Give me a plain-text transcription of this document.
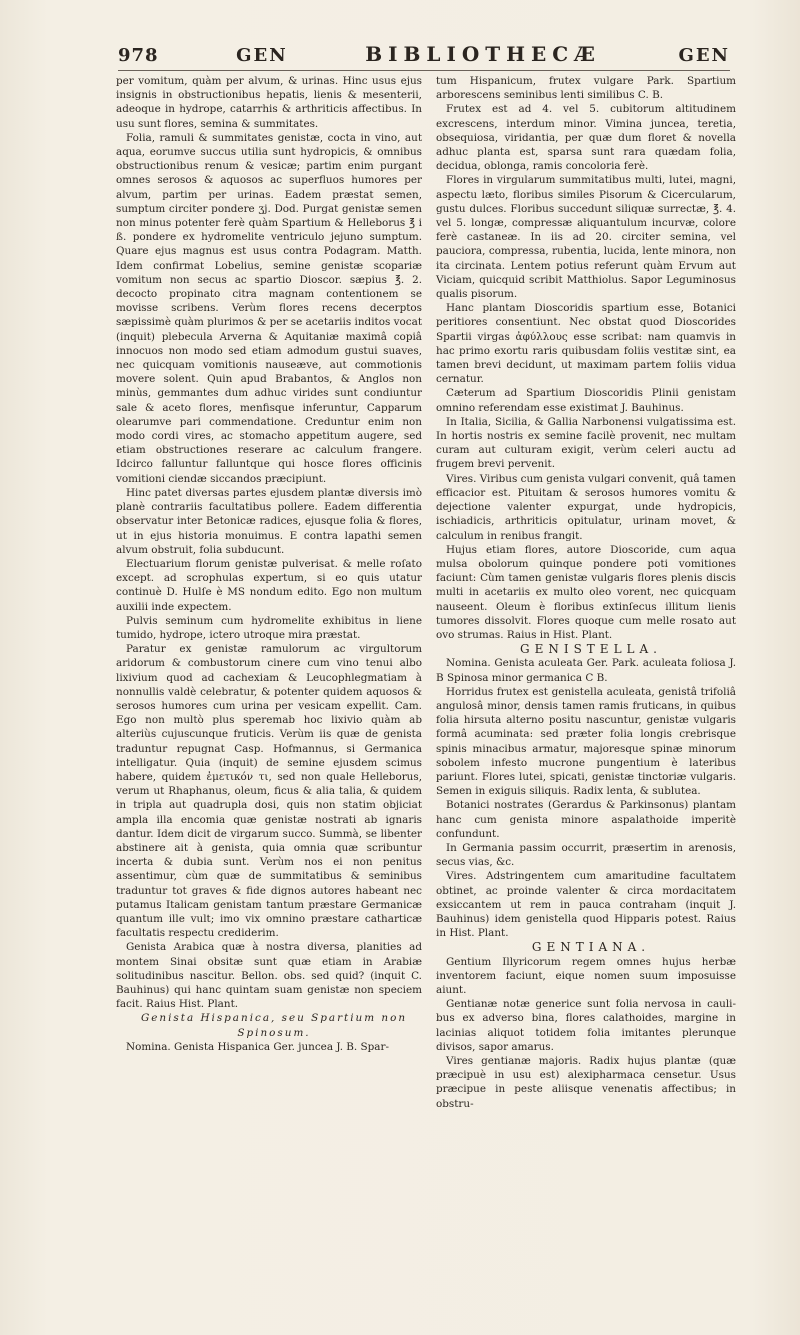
978	GEN	BIBLIOTHECÆ	GEN

per vomitum, quàm per alvum, & urinas. Hinc usus ejus insignis in obstructionibus hepatis, lienis & mesenterii, adeoque in hydrope, catarrhis & arthriticis affectibus. In usu sunt flores, semina & summitates.

Folia, ramuli & summitates genistæ, cocta in vino, aut aqua, eorumve succus utilia sunt hydropicis, & omnibus obstructionibus renum & vesicæ; partim enim purgant omnes serosos & aquosos ac superfluos humores per alvum, partim per urinas. Eadem præstat semen, sumptum circiter pondere ʒj. Dod. Purgat genistæ semen non minus potenter ferè quàm Spartium & Helleborus ℥ i ß. pondere ex hydromelite ventriculo jejuno sumptum. Quare ejus magnus est usus contra Podagram. Matth. Idem confirmat Lobelius, semine genistæ scopariæ vomitum non secus ac spartio Dioscor. sæpius ℥. 2. decocto propinato citra magnam contentionem se movisse scribens. Verùm flores recens decerptos sæpissimè quàm plurimos & per se acetariis inditos vocat (inquit) plebecula Arverna & Aquitaniæ maximâ copiâ innocuos non modo sed etiam admodum gustui suaves, nec quicquam vomitionis nauseæve, aut commotionis movere solent. Quin apud Brabantos, & Anglos non minùs, gemmantes dum adhuc virides sunt condiuntur sale & aceto flores, menfisque inferuntur, Capparum olearumve pari commendatione. Creduntur enim non modo cordi vires, ac stomacho appetitum augere, sed etiam obstructiones reserare ac calculum frangere. Idcirco falluntur falluntque qui hosce flores officinis vomitioni ciendæ siccandos præcipiunt.

Hinc patet diversas partes ejusdem plantæ diversis imò planè contrariis facultatibus pollere. Eadem differentia observatur inter Betonicæ radices, ejusque folia & flores, ut in ejus historia monuimus. E contra lapathi semen alvum obstruit, folia subducunt.

Electuarium florum genistæ pulverisat. & melle roſato except. ad scrophulas expertum, si eo quis utatur continuè D. Hulſe è MS nondum edito. Ego non multum auxilii inde expectem.

Pulvis seminum cum hydromelite exhibitus in liene tumido, hydrope, ictero utroque mira præstat.

Paratur ex genistæ ramulorum ac virgultorum aridorum & combustorum cinere cum vino tenui albo lixivium quod ad cachexiam & Leucophlegmatiam à nonnullis valdè celebratur, & potenter quidem aquosos & serosos humores cum urina per vesicam expellit. Cam. Ego non multò plus speremab hoc lixivio quàm ab alteriùs cujuscunque fruticis. Verùm iis quæ de genista traduntur repugnat Casp. Hofmannus, si Germanica intelligatur. Quia (inquit) de semine ejusdem scimus habere, quidem ἐμετικόν τι, sed non quale Helleborus, verum ut Rhaphanus, oleum, ficus & alia talia, & quidem in tripla aut quadrupla dosi, quis non statim objiciat ampla illa encomia quæ genistæ nostrati ab ignaris dantur. Idem dicit de virgarum succo. Summà, se libenter abstinere ait à genista, quia omnia quæ scribuntur incerta & dubia sunt. Verùm nos ei non penitus assentimur, cùm quæ de summitatibus & seminibus traduntur tot graves & fide dignos autores habeant nec putamus Italicam genistam tantum præstare Germanicæ quantum ille vult; imo vix omnino præstare catharticæ facultatis respectu crediderim.

Genista Arabica quæ à nostra diversa, planities ad montem Sinai obsitæ sunt quæ etiam in Arabiæ solitudinibus nascitur. Bellon. obs. sed quid? (inquit C. Bauhinus) qui hanc quintam suam genistæ non speciem facit. Raius Hist. Plant.

Genista Hispanica, seu Spartium non

Spinosum.

Nomina. Genista Hispanica Ger. juncea J. B. Spar-

tum Hispanicum, frutex vulgare Park. Spartium arborescens seminibus lenti similibus C. B.

Frutex est ad 4. vel 5. cubitorum altitudinem excrescens, interdum minor. Vimina juncea, teretia, obsequiosa, viridantia, per quæ dum floret & novella adhuc planta est, sparsa sunt rara quædam folia, decidua, oblonga, ramis concoloria ferè.

Flores in virgularum summitatibus multi, lutei, magni, aspectu læto, floribus similes Pisorum & Cicercularum, gustu dulces. Floribus succedunt siliquæ surrectæ, ℥. 4. vel 5. longæ, compressæ aliquantulum incurvæ, colore ferè castaneæ. In iis ad 20. circiter semina, vel pauciora, compressa, rubentia, lucida, lente minora, non ita circinata. Lentem potius referunt quàm Ervum aut Viciam, quicquid scribit Matthiolus. Sapor Leguminosus qualis pisorum.

Hanc plantam Dioscoridis spartium esse, Botanici peritiores consentiunt. Nec obstat quod Dioscorides Spartii virgas ἀφύλλους esse scribat: nam quamvis in hac primo exortu raris quibusdam foliis vestitæ sint, ea tamen brevi decidunt, ut maximam partem foliis vidua cernatur.

Cæterum ad Spartium Dioscoridis Plinii genistam omnino referendam esse existimat J. Bauhinus.

In Italia, Sicilia, & Gallia Narbonensi vulgatissima est. In hortis nostris ex semine facilè provenit, nec multam curam aut culturam exigit, verùm celeri auctu ad frugem brevi pervenit.

Vires. Viribus cum genista vulgari convenit, quâ tamen efficacior est. Pituitam & serosos humores vomitu & dejectione valenter expurgat, unde hydropicis, ischiadicis, arthriticis opitulatur, urinam movet, & calculum in renibus frangit.

Hujus etiam flores, autore Dioscoride, cum aqua mulsa obolorum quinque pondere poti vomitiones faciunt: Cùm tamen genistæ vulgaris flores plenis discis multi in acetariis ex multo oleo vorent, nec quicquam nauseent. Oleum è floribus extinſecus illitum lienis tumores dissolvit. Flores quoque cum melle rosato aut ovo strumas. Raius in Hist. Plant.

GENISTELLA.

Nomina. Genista aculeata Ger. Park. aculeata foliosa J. B Spinosa minor germanica C B.

Horridus frutex est genistella aculeata, genistâ trifoliâ angulosâ minor, densis tamen ramis fruticans, in quibus folia hirsuta alterno positu nascuntur, genistæ vulgaris formâ acuminata: sed præter folia longis crebrisque spinis minacibus armatur, majoresque spinæ minorum sobolem infesto mucrone pungentium è lateribus pariunt. Flores lutei, spicati, genistæ tinctoriæ vulgaris. Semen in exiguis siliquis. Radix lenta, & sublutea.

Botanici nostrates (Gerardus & Parkinsonus) plantam hanc cum genista minore aspalathoide imperitè confundunt.

In Germania passim occurrit, præsertim in arenosis, secus vias, &c.

Vires. Adstringentem cum amaritudine facultatem obtinet, ac proinde valenter & circa mordacitatem exsiccantem ut rem in pauca contraham (inquit J. Bauhinus) idem genistella quod Hipparis potest. Raius in Hist. Plant.

GENTIANA.

Gentium Illyricorum regem omnes hujus herbæ inventorem faciunt, eique nomen suum imposuisse aiunt.

Gentianæ notæ generice sunt folia nervosa in cauli- bus ex adverso bina, flores calathoides, margine in lacinias aliquot totidem folia imitantes plerunque divisos, sapor amarus.

Vires gentianæ majoris. Radix hujus plantæ (quæ præcipuè in usu est) alexipharmaca censetur. Usus præcipue in peste aliisque venenatis affectibus; in obstru-
